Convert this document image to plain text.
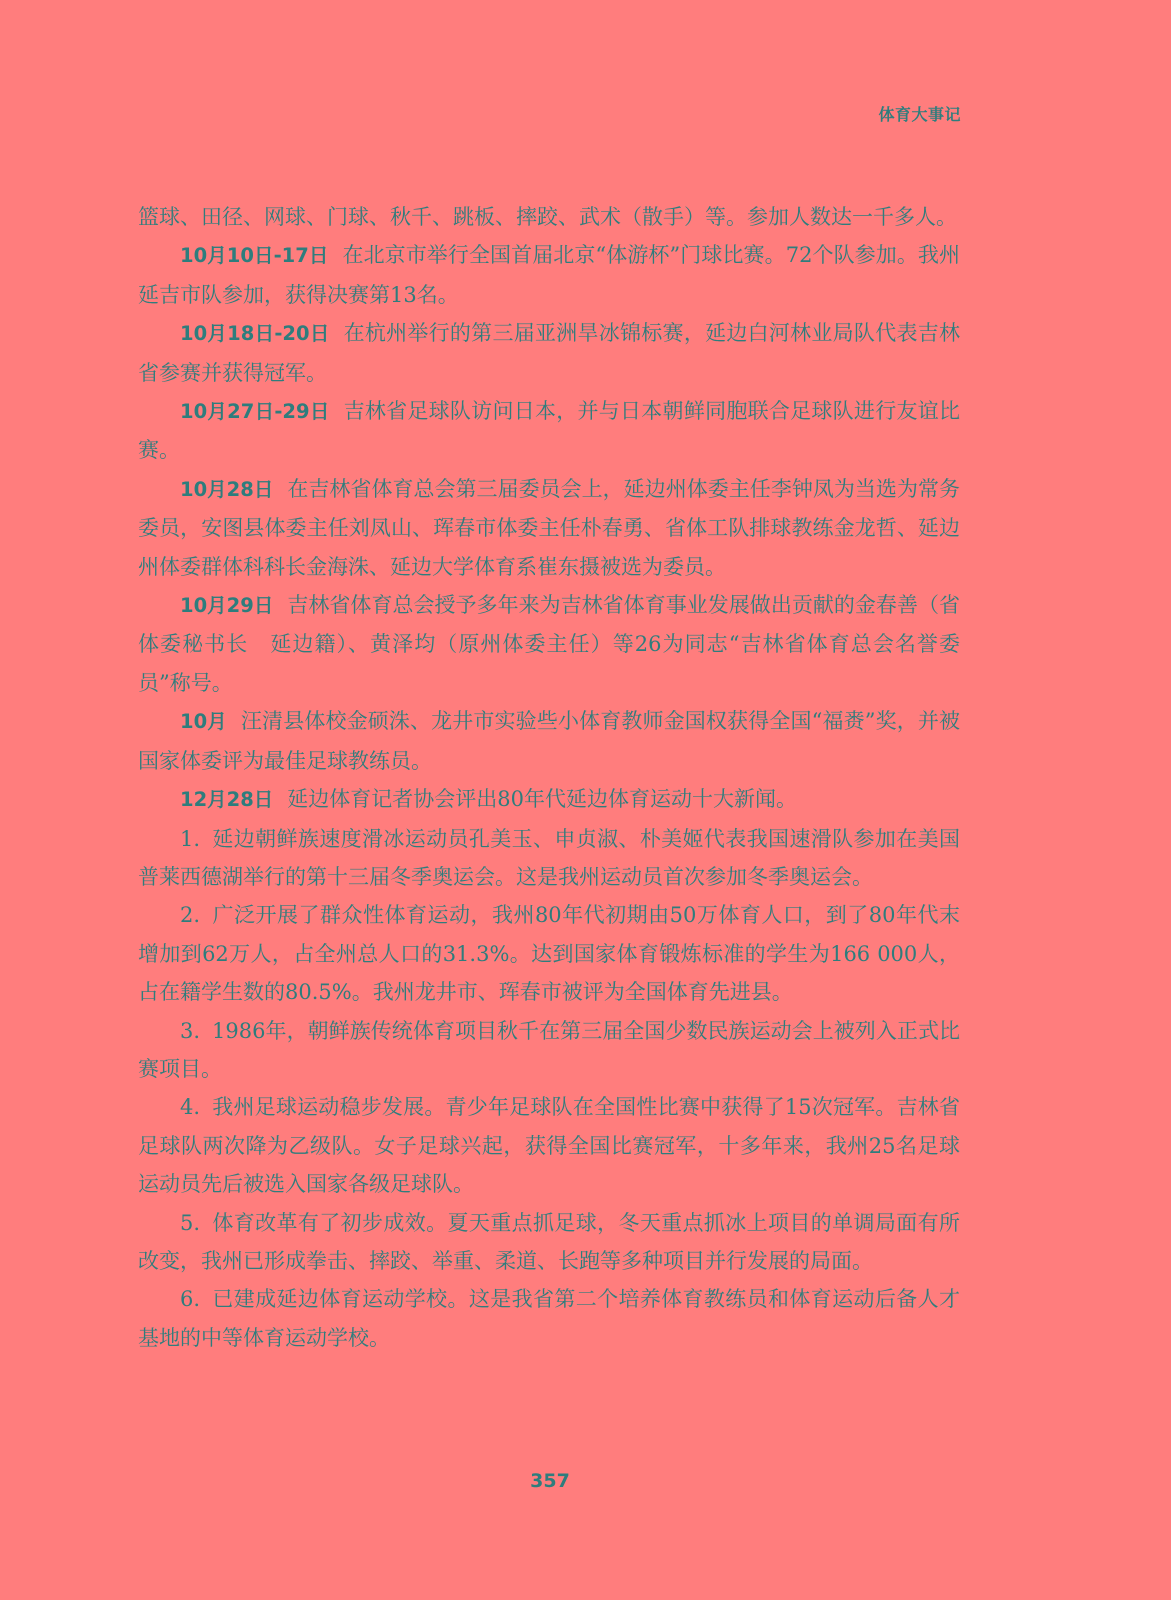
体育大事记

篮球、田径、网球、门球、秋千、跳板、摔跤、武术（散手）等。参加人数达一千多人。

10月10日-17日 在北京市举行全国首届北京“体游杯”门球比赛。72个队参加。我州延吉市队参加，获得决赛第13名。

10月18日-20日 在杭州举行的第三届亚洲旱冰锦标赛，延边白河林业局队代表吉林省参赛并获得冠军。

10月27日-29日 吉林省足球队访问日本，并与日本朝鲜同胞联合足球队进行友谊比赛。

10月28日 在吉林省体育总会第三届委员会上，延边州体委主任李钟凤为当选为常务委员，安图县体委主任刘凤山、珲春市体委主任朴春勇、省体工队排球教练金龙哲、延边州体委群体科科长金海洙、延边大学体育系崔东摄被选为委员。

10月29日 吉林省体育总会授予多年来为吉林省体育事业发展做出贡献的金春善（省体委秘书长　延边籍）、黄泽均（原州体委主任）等26为同志“吉林省体育总会名誉委员”称号。

10月 汪清县体校金硕洙、龙井市实验些小体育教师金国权获得全国“福赉”奖，并被国家体委评为最佳足球教练员。

12月28日 延边体育记者协会评出80年代延边体育运动十大新闻。

1. 延边朝鲜族速度滑冰运动员孔美玉、申贞淑、朴美姬代表我国速滑队参加在美国普莱西德湖举行的第十三届冬季奥运会。这是我州运动员首次参加冬季奥运会。

2. 广泛开展了群众性体育运动，我州80年代初期由50万体育人口，到了80年代末增加到62万人，占全州总人口的31.3%。达到国家体育锻炼标准的学生为166 000人，占在籍学生数的80.5%。我州龙井市、珲春市被评为全国体育先进县。

3. 1986年，朝鲜族传统体育项目秋千在第三届全国少数民族运动会上被列入正式比赛项目。

4. 我州足球运动稳步发展。青少年足球队在全国性比赛中获得了15次冠军。吉林省足球队两次降为乙级队。女子足球兴起，获得全国比赛冠军，十多年来，我州25名足球运动员先后被选入国家各级足球队。

5. 体育改革有了初步成效。夏天重点抓足球，冬天重点抓冰上项目的单调局面有所改变，我州已形成拳击、摔跤、举重、柔道、长跑等多种项目并行发展的局面。

6. 已建成延边体育运动学校。这是我省第二个培养体育教练员和体育运动后备人才基地的中等体育运动学校。

357
